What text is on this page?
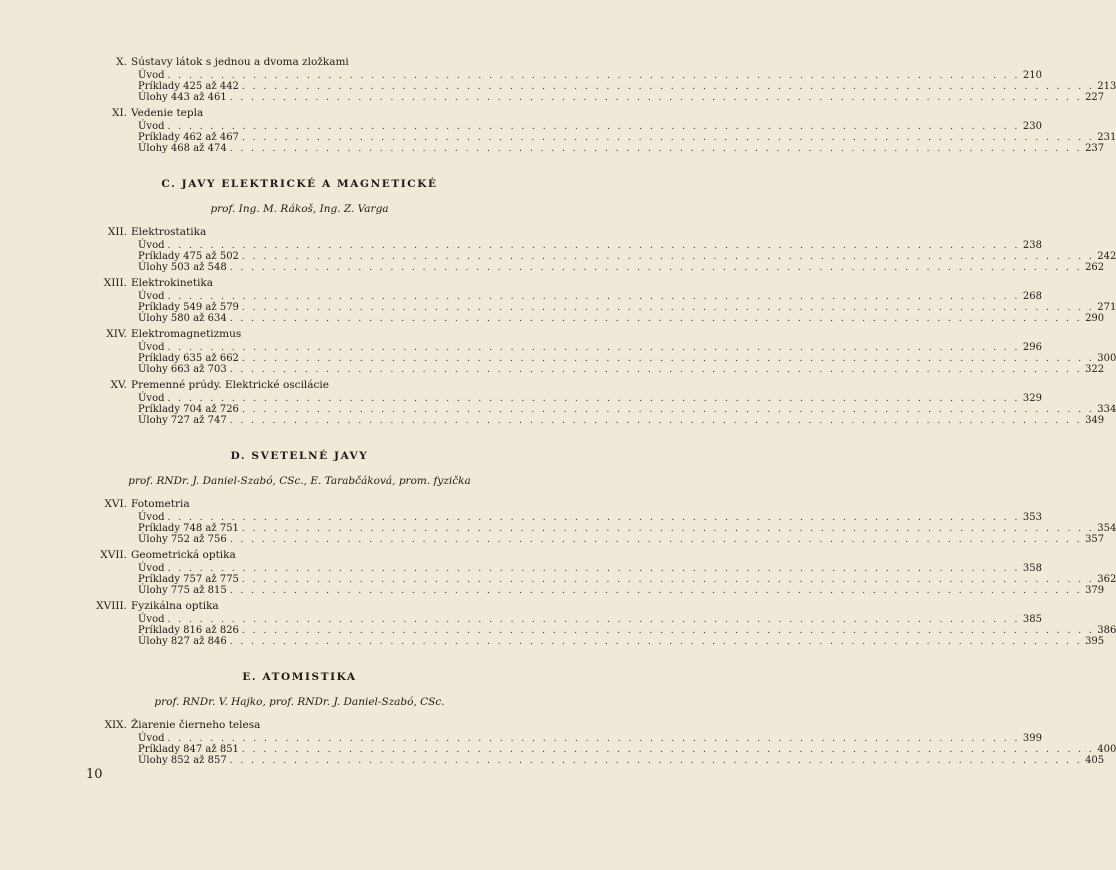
X. Sústavy látok s jednou a dvoma zložkami
Úvod . . . . . . . . . . . . . . . . . . . . . . . . . . . . . . . . . . . . . . . . . . . . . . . . . . . . . . . . . . . . . . . . . . . . . . . . . . . . . . . . 210
Príklady 425 až 442 . . . . . . . . . . . . . . . . . . . . . . . . . . . . . . . . . . . . . . . . . . . . . . . . . . . . . . . . . . . . . . . . . . . . . . . . . . . . . . . . 213
Úlohy 443 až 461 . . . . . . . . . . . . . . . . . . . . . . . . . . . . . . . . . . . . . . . . . . . . . . . . . . . . . . . . . . . . . . . . . . . . . . . . . . . . . . . . 227
XI. Vedenie tepla
Úvod . . . . . . . . . . . . . . . . . . . . . . . . . . . . . . . . . . . . . . . . . . . . . . . . . . . . . . . . . . . . . . . . . . . . . . . . . . . . . . . . 230
Príklady 462 až 467 . . . . . . . . . . . . . . . . . . . . . . . . . . . . . . . . . . . . . . . . . . . . . . . . . . . . . . . . . . . . . . . . . . . . . . . . . . . . . . . . 231
Úlohy 468 až 474 . . . . . . . . . . . . . . . . . . . . . . . . . . . . . . . . . . . . . . . . . . . . . . . . . . . . . . . . . . . . . . . . . . . . . . . . . . . . . . . . 237
C. JAVY ELEKTRICKÉ A MAGNETICKÉ
prof. Ing. M. Rákoš, Ing. Z. Varga
XII. Elektrostatika
Úvod . . . . . . . . . . . . . . . . . . . . . . . . . . . . . . . . . . . . . . . . . . . . . . . . . . . . . . . . . . . . . . . . . . . . . . . . . . . . . . . . 238
Príklady 475 až 502 . . . . . . . . . . . . . . . . . . . . . . . . . . . . . . . . . . . . . . . . . . . . . . . . . . . . . . . . . . . . . . . . . . . . . . . . . . . . . . . . 242
Úlohy 503 až 548 . . . . . . . . . . . . . . . . . . . . . . . . . . . . . . . . . . . . . . . . . . . . . . . . . . . . . . . . . . . . . . . . . . . . . . . . . . . . . . . . 262
XIII. Elektrokinetika
Úvod . . . . . . . . . . . . . . . . . . . . . . . . . . . . . . . . . . . . . . . . . . . . . . . . . . . . . . . . . . . . . . . . . . . . . . . . . . . . . . . . 268
Príklady 549 až 579 . . . . . . . . . . . . . . . . . . . . . . . . . . . . . . . . . . . . . . . . . . . . . . . . . . . . . . . . . . . . . . . . . . . . . . . . . . . . . . . . 271
Úlohy 580 až 634 . . . . . . . . . . . . . . . . . . . . . . . . . . . . . . . . . . . . . . . . . . . . . . . . . . . . . . . . . . . . . . . . . . . . . . . . . . . . . . . . 290
XIV. Elektromagnetizmus
Úvod . . . . . . . . . . . . . . . . . . . . . . . . . . . . . . . . . . . . . . . . . . . . . . . . . . . . . . . . . . . . . . . . . . . . . . . . . . . . . . . . 296
Príklady 635 až 662 . . . . . . . . . . . . . . . . . . . . . . . . . . . . . . . . . . . . . . . . . . . . . . . . . . . . . . . . . . . . . . . . . . . . . . . . . . . . . . . . 300
Úlohy 663 až 703 . . . . . . . . . . . . . . . . . . . . . . . . . . . . . . . . . . . . . . . . . . . . . . . . . . . . . . . . . . . . . . . . . . . . . . . . . . . . . . . . 322
XV. Premenné prúdy. Elektrické oscilácie
Úvod . . . . . . . . . . . . . . . . . . . . . . . . . . . . . . . . . . . . . . . . . . . . . . . . . . . . . . . . . . . . . . . . . . . . . . . . . . . . . . . . 329
Príklady 704 až 726 . . . . . . . . . . . . . . . . . . . . . . . . . . . . . . . . . . . . . . . . . . . . . . . . . . . . . . . . . . . . . . . . . . . . . . . . . . . . . . . . 334
Úlohy 727 až 747 . . . . . . . . . . . . . . . . . . . . . . . . . . . . . . . . . . . . . . . . . . . . . . . . . . . . . . . . . . . . . . . . . . . . . . . . . . . . . . . . 349
D. SVETELNÉ JAVY
prof. RNDr. J. Daniel-Szabó, CSc., E. Tarabčáková, prom. fyzička
XVI. Fotometria
Úvod . . . . . . . . . . . . . . . . . . . . . . . . . . . . . . . . . . . . . . . . . . . . . . . . . . . . . . . . . . . . . . . . . . . . . . . . . . . . . . . . 353
Príklady 748 až 751 . . . . . . . . . . . . . . . . . . . . . . . . . . . . . . . . . . . . . . . . . . . . . . . . . . . . . . . . . . . . . . . . . . . . . . . . . . . . . . . . 354
Úlohy 752 až 756 . . . . . . . . . . . . . . . . . . . . . . . . . . . . . . . . . . . . . . . . . . . . . . . . . . . . . . . . . . . . . . . . . . . . . . . . . . . . . . . . 357
XVII. Geometrická optika
Úvod . . . . . . . . . . . . . . . . . . . . . . . . . . . . . . . . . . . . . . . . . . . . . . . . . . . . . . . . . . . . . . . . . . . . . . . . . . . . . . . . 358
Príklady 757 až 775 . . . . . . . . . . . . . . . . . . . . . . . . . . . . . . . . . . . . . . . . . . . . . . . . . . . . . . . . . . . . . . . . . . . . . . . . . . . . . . . . 362
Úlohy 775 až 815 . . . . . . . . . . . . . . . . . . . . . . . . . . . . . . . . . . . . . . . . . . . . . . . . . . . . . . . . . . . . . . . . . . . . . . . . . . . . . . . . 379
XVIII. Fyzikálna optika
Úvod . . . . . . . . . . . . . . . . . . . . . . . . . . . . . . . . . . . . . . . . . . . . . . . . . . . . . . . . . . . . . . . . . . . . . . . . . . . . . . . . 385
Príklady 816 až 826 . . . . . . . . . . . . . . . . . . . . . . . . . . . . . . . . . . . . . . . . . . . . . . . . . . . . . . . . . . . . . . . . . . . . . . . . . . . . . . . . 386
Úlohy 827 až 846 . . . . . . . . . . . . . . . . . . . . . . . . . . . . . . . . . . . . . . . . . . . . . . . . . . . . . . . . . . . . . . . . . . . . . . . . . . . . . . . . 395
E. ATOMISTIKA
prof. RNDr. V. Hajko, prof. RNDr. J. Daniel-Szabó, CSc.
XIX. Žiarenie čierneho telesa
Úvod . . . . . . . . . . . . . . . . . . . . . . . . . . . . . . . . . . . . . . . . . . . . . . . . . . . . . . . . . . . . . . . . . . . . . . . . . . . . . . . . 399
Príklady 847 až 851 . . . . . . . . . . . . . . . . . . . . . . . . . . . . . . . . . . . . . . . . . . . . . . . . . . . . . . . . . . . . . . . . . . . . . . . . . . . . . . . . 400
Úlohy 852 až 857 . . . . . . . . . . . . . . . . . . . . . . . . . . . . . . . . . . . . . . . . . . . . . . . . . . . . . . . . . . . . . . . . . . . . . . . . . . . . . . . . 405
10
